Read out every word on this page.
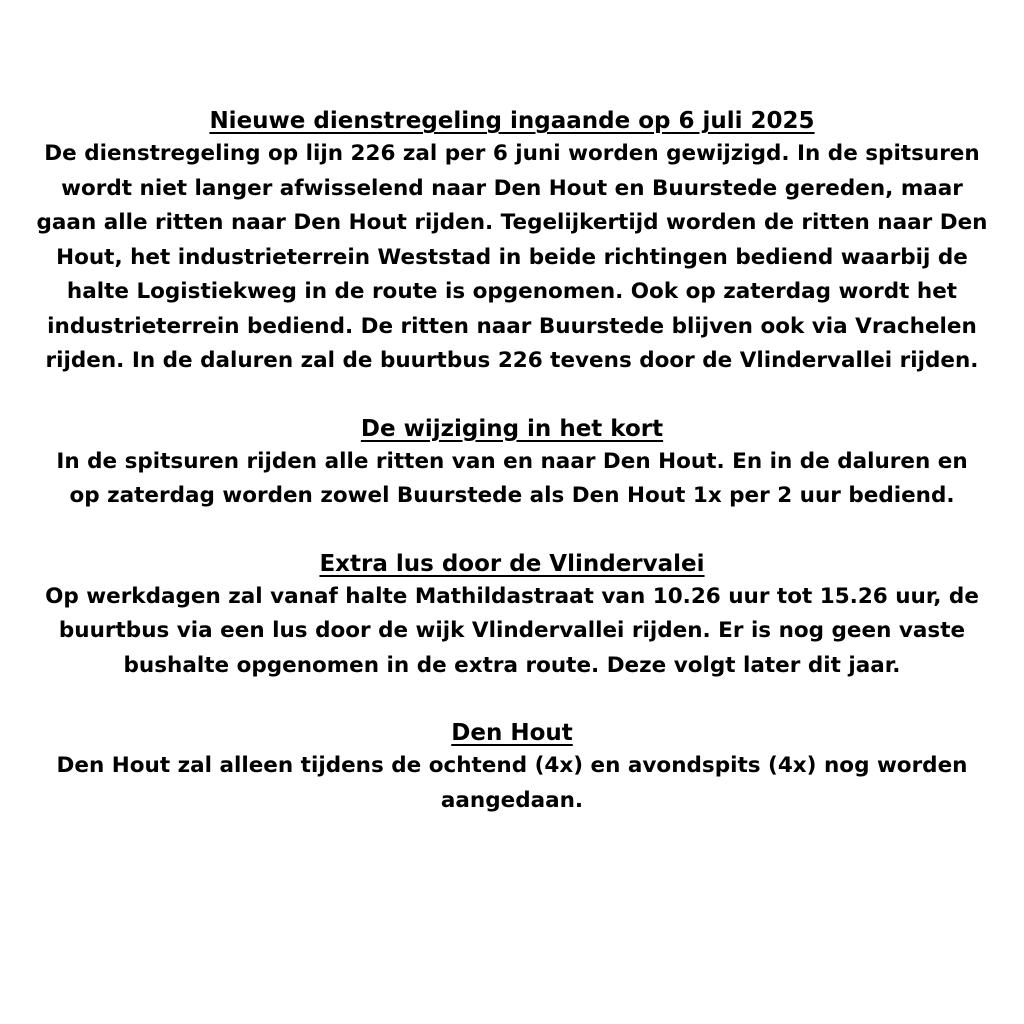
Nieuwe dienstregeling ingaande op 6 juli 2025
De dienstregeling op lijn 226 zal per 6 juni worden gewijzigd. In de spitsuren
wordt niet langer afwisselend naar Den Hout en Buurstede gereden, maar
gaan alle ritten naar Den Hout rijden. Tegelijkertijd worden de ritten naar Den
Hout, het industrieterrein Weststad in beide richtingen bediend waarbij de
halte Logistiekweg in de route is opgenomen. Ook op zaterdag wordt het
industrieterrein bediend. De ritten naar Buurstede blijven ook via Vrachelen
rijden. In de daluren zal de buurtbus 226 tevens door de Vlindervallei rijden.
De wijziging in het kort
In de spitsuren rijden alle ritten van en naar Den Hout. En in de daluren en
op zaterdag worden zowel Buurstede als Den Hout 1x per 2 uur bediend.
Extra lus door de Vlindervalei
Op werkdagen zal vanaf halte Mathildastraat van 10.26 uur tot 15.26 uur, de
buurtbus via een lus door de wijk Vlindervallei rijden. Er is nog geen vaste
bushalte opgenomen in de extra route. Deze volgt later dit jaar.
Den Hout
Den Hout zal alleen tijdens de ochtend (4x) en avondspits (4x) nog worden
aangedaan.
